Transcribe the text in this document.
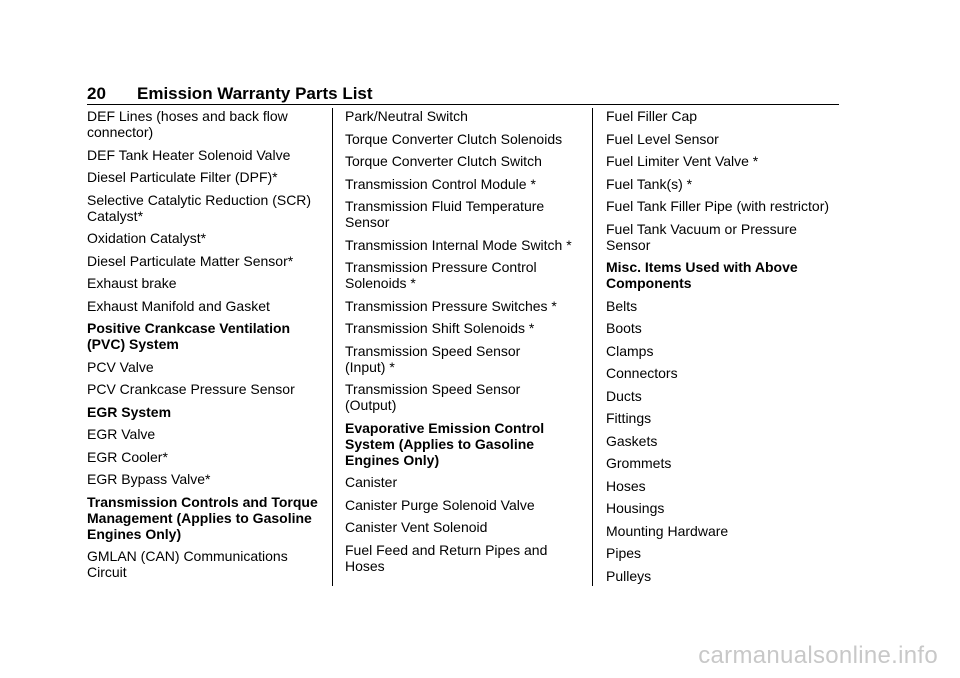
20 Emission Warranty Parts List

DEF Lines (hoses and back flow
connector)

DEF Tank Heater Solenoid Valve

Diesel Particulate Filter (DPF)*

Selective Catalytic Reduction (SCR)
Catalyst*

Oxidation Catalyst*

Diesel Particulate Matter Sensor*

Exhaust brake

Exhaust Manifold and Gasket

Positive Crankcase Ventilation
(PVC) System

PCV Valve

PCV Crankcase Pressure Sensor

EGR System

EGR Valve

EGR Cooler*

EGR Bypass Valve*

Transmission Controls and Torque
Management (Applies to Gasoline
Engines Only)

GMLAN (CAN) Communications
Circuit

Park/Neutral Switch

Torque Converter Clutch Solenoids

Torque Converter Clutch Switch

Transmission Control Module *

Transmission Fluid Temperature
Sensor

Transmission Internal Mode Switch *

Transmission Pressure Control
Solenoids *

Transmission Pressure Switches *

Transmission Shift Solenoids *

Transmission Speed Sensor
(Input) *

Transmission Speed Sensor
(Output)

Evaporative Emission Control
System (Applies to Gasoline
Engines Only)

Canister

Canister Purge Solenoid Valve

Canister Vent Solenoid

Fuel Feed and Return Pipes and
Hoses

Fuel Filler Cap

Fuel Level Sensor

Fuel Limiter Vent Valve *

Fuel Tank(s) *

Fuel Tank Filler Pipe (with restrictor)

Fuel Tank Vacuum or Pressure
Sensor

Misc. Items Used with Above
Components

Belts

Boots

Clamps

Connectors

Ducts

Fittings

Gaskets

Grommets

Hoses

Housings

Mounting Hardware

Pipes

Pulleys

carmanualsonline.info
